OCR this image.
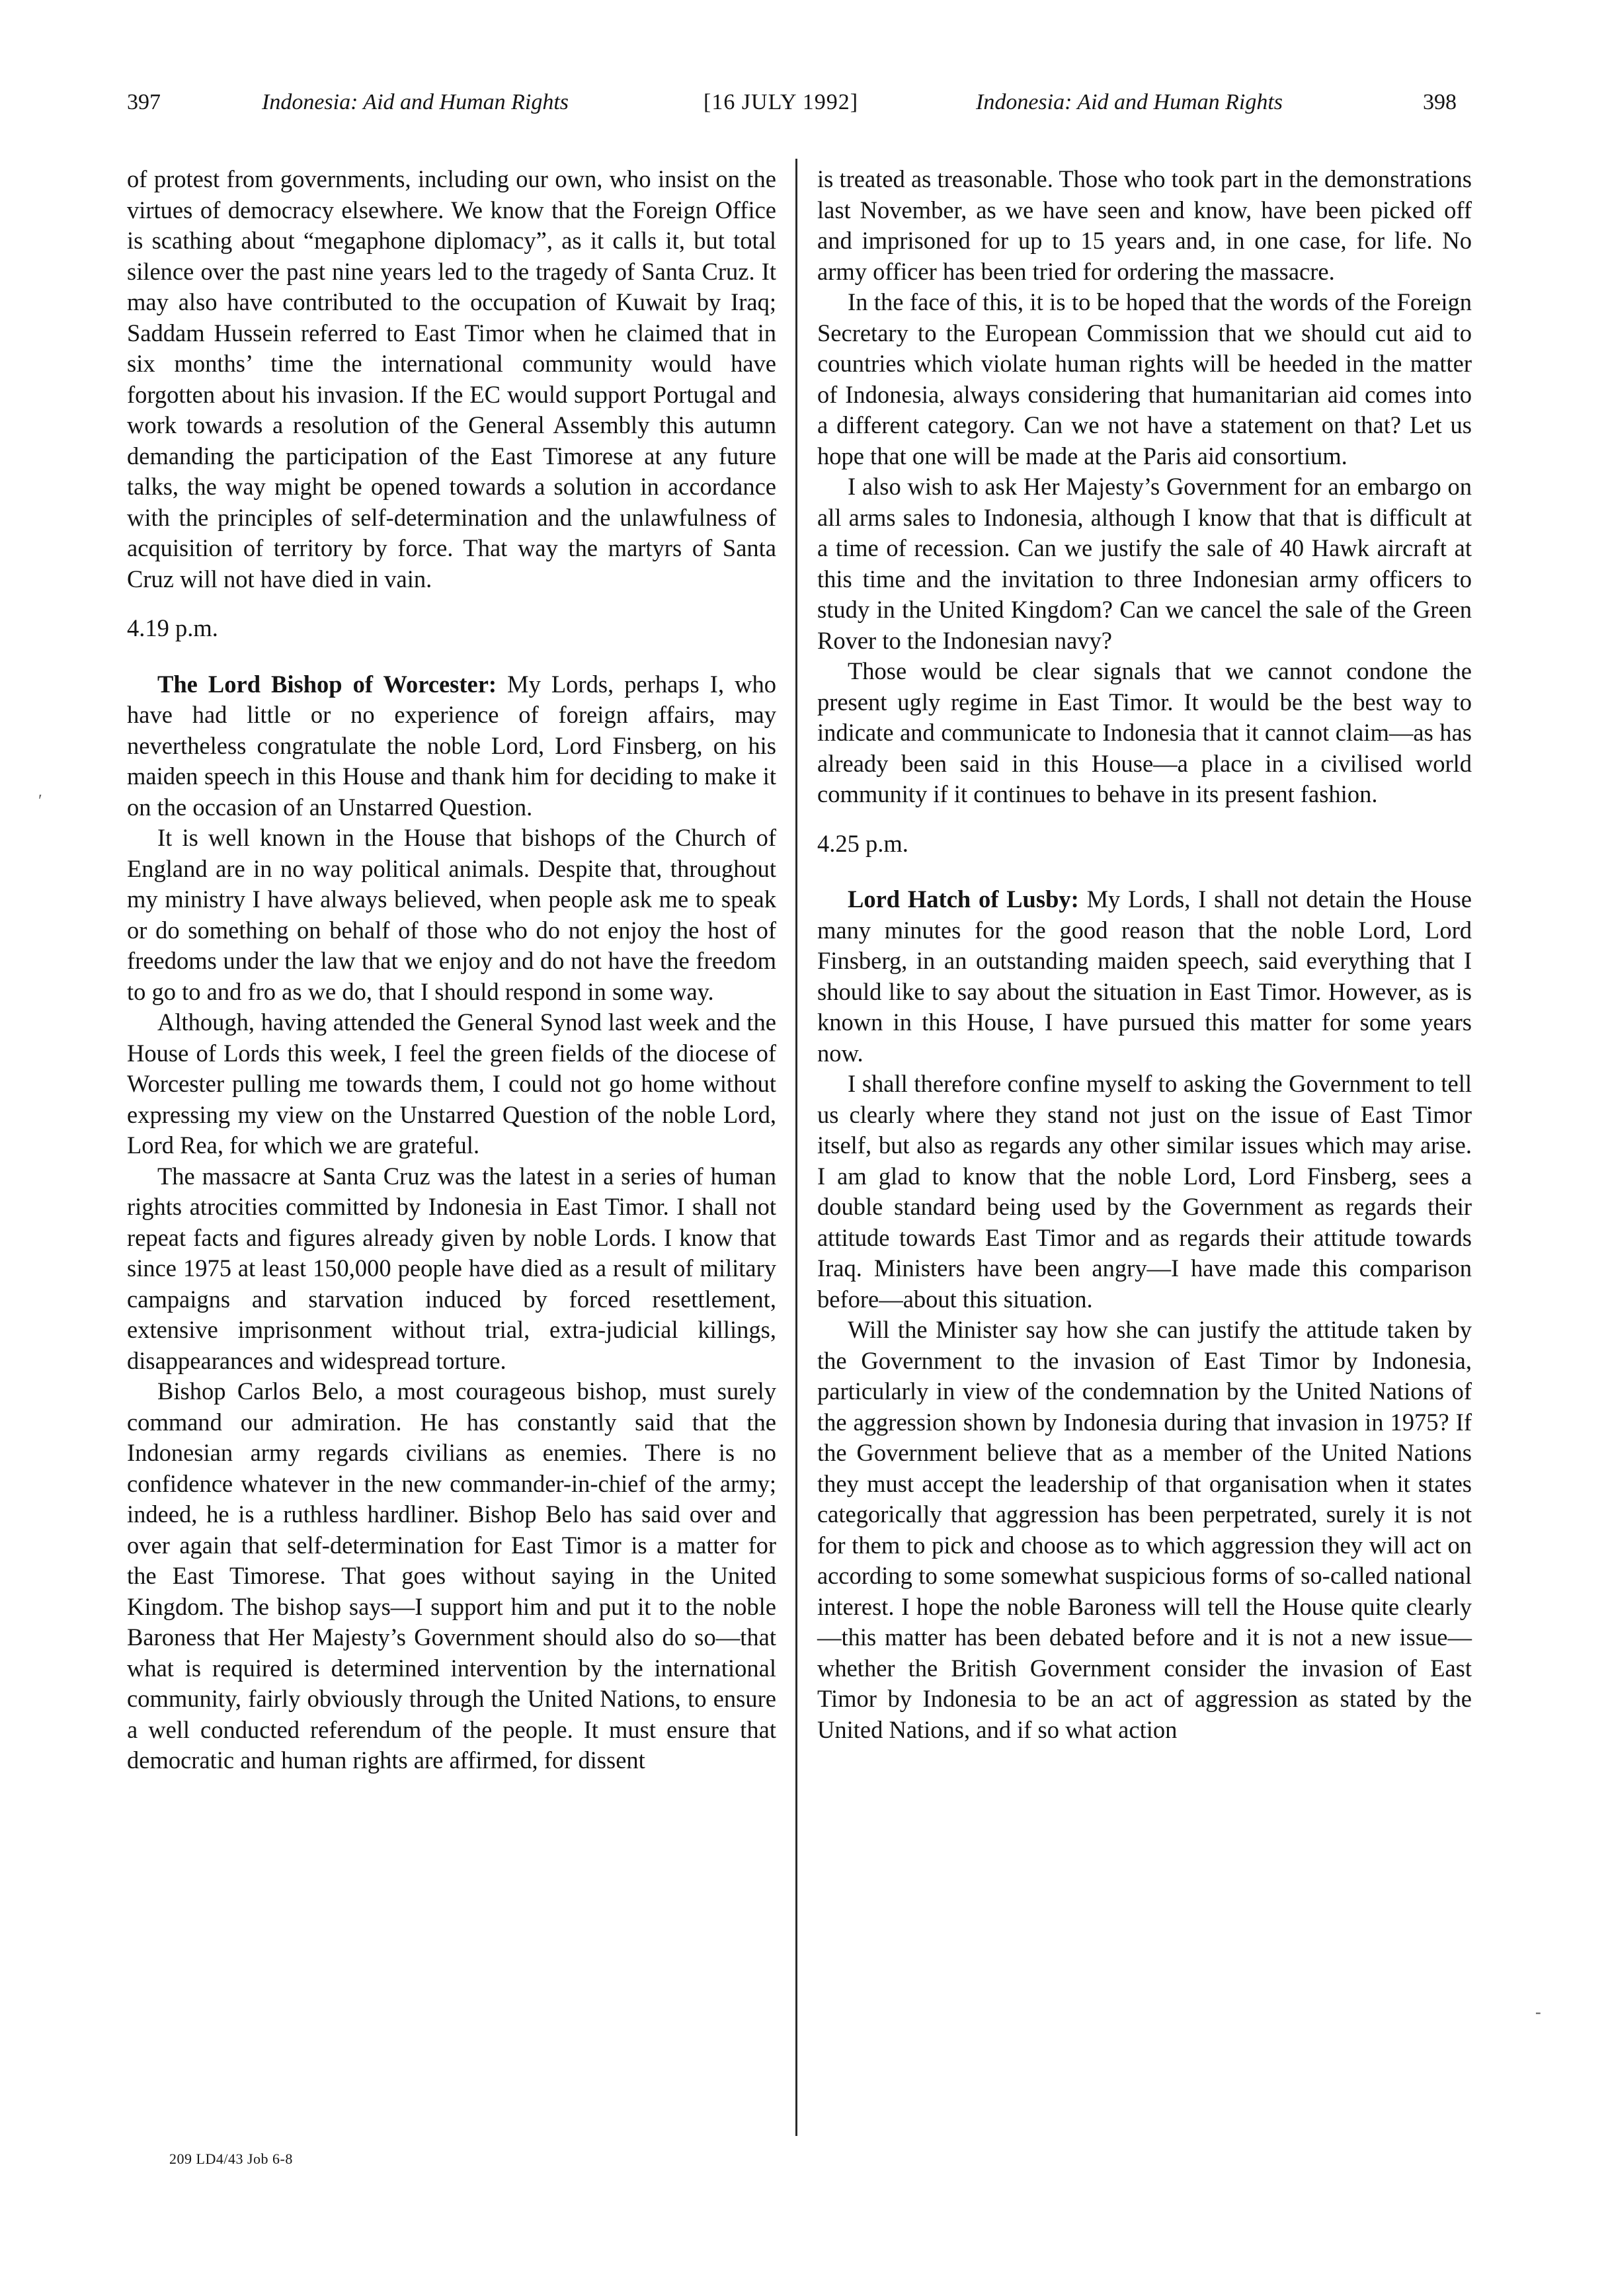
397	Indonesia: Aid and Human Rights	[16 JULY 1992]	Indonesia: Aid and Human Rights	398

of protest from governments, including our own, who insist on the virtues of democracy elsewhere. We know that the Foreign Office is scathing about “megaphone diplomacy”, as it calls it, but total silence over the past nine years led to the tragedy of Santa Cruz. It may also have contributed to the occupation of Kuwait by Iraq; Saddam Hussein referred to East Timor when he claimed that in six months’ time the international community would have forgotten about his invasion. If the EC would support Portugal and work towards a resolution of the General Assembly this autumn demanding the participation of the East Timorese at any future talks, the way might be opened towards a solution in accordance with the principles of self-determination and the unlawfulness of acquisition of territory by force. That way the martyrs of Santa Cruz will not have died in vain.

4.19 p.m.

The Lord Bishop of Worcester: My Lords, perhaps I, who have had little or no experience of foreign affairs, may nevertheless congratulate the noble Lord, Lord Finsberg, on his maiden speech in this House and thank him for deciding to make it on the occasion of an Unstarred Question.

It is well known in the House that bishops of the Church of England are in no way political animals. Despite that, throughout my ministry I have always believed, when people ask me to speak or do something on behalf of those who do not enjoy the host of freedoms under the law that we enjoy and do not have the freedom to go to and fro as we do, that I should respond in some way.

Although, having attended the General Synod last week and the House of Lords this week, I feel the green fields of the diocese of Worcester pulling me towards them, I could not go home without expressing my view on the Unstarred Question of the noble Lord, Lord Rea, for which we are grateful.

The massacre at Santa Cruz was the latest in a series of human rights atrocities committed by Indonesia in East Timor. I shall not repeat facts and figures already given by noble Lords. I know that since 1975 at least 150,000 people have died as a result of military campaigns and starvation induced by forced resettlement, extensive imprisonment without trial, extra-judicial killings, disappearances and widespread torture.

Bishop Carlos Belo, a most courageous bishop, must surely command our admiration. He has constantly said that the Indonesian army regards civilians as enemies. There is no confidence whatever in the new commander-in-chief of the army; indeed, he is a ruthless hardliner. Bishop Belo has said over and over again that self-determination for East Timor is a matter for the East Timorese. That goes without saying in the United Kingdom. The bishop says—I support him and put it to the noble Baroness that Her Majesty’s Government should also do so—that what is required is determined intervention by the international community, fairly obviously through the United Nations, to ensure a well conducted referendum of the people. It must ensure that democratic and human rights are affirmed, for dissent

is treated as treasonable. Those who took part in the demonstrations last November, as we have seen and know, have been picked off and imprisoned for up to 15 years and, in one case, for life. No army officer has been tried for ordering the massacre.

In the face of this, it is to be hoped that the words of the Foreign Secretary to the European Commission that we should cut aid to countries which violate human rights will be heeded in the matter of Indonesia, always considering that humanitarian aid comes into a different category. Can we not have a statement on that? Let us hope that one will be made at the Paris aid consortium.

I also wish to ask Her Majesty’s Government for an embargo on all arms sales to Indonesia, although I know that that is difficult at a time of recession. Can we justify the sale of 40 Hawk aircraft at this time and the invitation to three Indonesian army officers to study in the United Kingdom? Can we cancel the sale of the Green Rover to the Indonesian navy?

Those would be clear signals that we cannot condone the present ugly regime in East Timor. It would be the best way to indicate and communicate to Indonesia that it cannot claim—as has already been said in this House—a place in a civilised world community if it continues to behave in its present fashion.

4.25 p.m.

Lord Hatch of Lusby: My Lords, I shall not detain the House many minutes for the good reason that the noble Lord, Lord Finsberg, in an outstanding maiden speech, said everything that I should like to say about the situation in East Timor. However, as is known in this House, I have pursued this matter for some years now.

I shall therefore confine myself to asking the Government to tell us clearly where they stand not just on the issue of East Timor itself, but also as regards any other similar issues which may arise. I am glad to know that the noble Lord, Lord Finsberg, sees a double standard being used by the Government as regards their attitude towards East Timor and as regards their attitude towards Iraq. Ministers have been angry—I have made this comparison before—about this situation.

Will the Minister say how she can justify the attitude taken by the Government to the invasion of East Timor by Indonesia, particularly in view of the condemnation by the United Nations of the aggression shown by Indonesia during that invasion in 1975? If the Government believe that as a member of the United Nations they must accept the leadership of that organisation when it states categorically that aggression has been perpetrated, surely it is not for them to pick and choose as to which aggression they will act on according to some somewhat suspicious forms of so-called national interest. I hope the noble Baroness will tell the House quite clearly—this matter has been debated before and it is not a new issue—whether the British Government consider the invasion of East Timor by Indonesia to be an act of aggression as stated by the United Nations, and if so what action

209 LD4/43 Job 6-8
ʹ
-
